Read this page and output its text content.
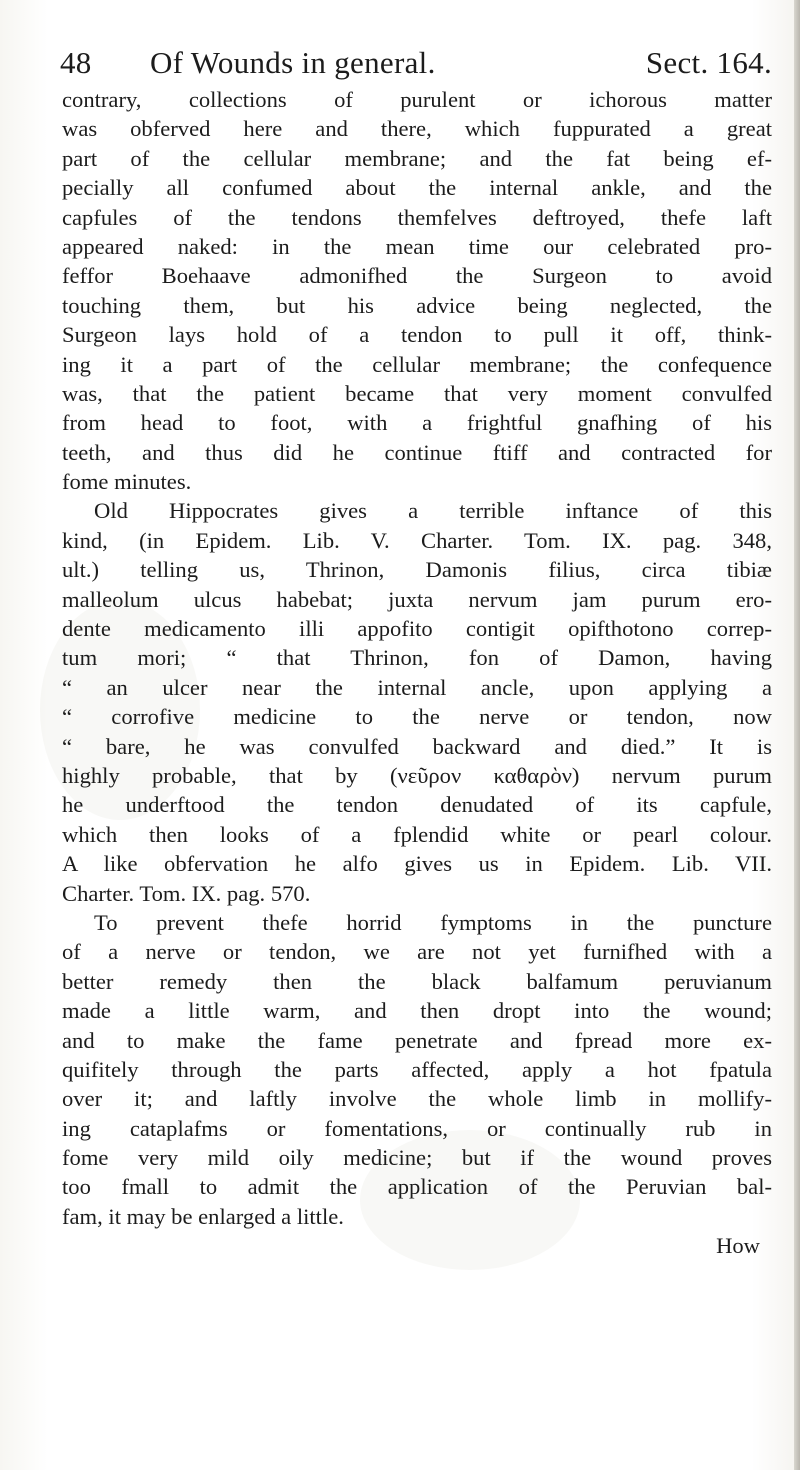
48 Of Wounds in general.	Sect. 164.
contrary, collections of purulent or ichorous matter
was obferved here and there, which fuppurated a great
part of the cellular membrane; and the fat being ef-
pecially all confumed about the internal ankle, and the
capfules of the tendons themfelves deftroyed, thefe laft
appeared naked: in the mean time our celebrated pro-
feffor Boehaave admonifhed the Surgeon to avoid
touching them, but his advice being neglected, the
Surgeon lays hold of a tendon to pull it off, think-
ing it a part of the cellular membrane; the confequence
was, that the patient became that very moment convulfed
from head to foot, with a frightful gnafhing of his
teeth, and thus did he continue ftiff and contracted for
fome minutes.
Old Hippocrates gives a terrible inftance of this
kind, (in Epidem. Lib. V. Charter. Tom. IX. pag. 348,
ult.) telling us, Thrinon, Damonis filius, circa tibiæ
malleolum ulcus habebat; juxta nervum jam purum ero-
dente medicamento illi appofito contigit opifthotono correp-
tum mori; “ that Thrinon, fon of Damon, having
“ an ulcer near the internal ancle, upon applying a
“ corrofive medicine to the nerve or tendon, now
“ bare, he was convulfed backward and died.” It is
highly probable, that by (νεῦρον καθαρὸν) nervum purum
he underftood the tendon denudated of its capfule,
which then looks of a fplendid white or pearl colour.
A like obfervation he alfo gives us in Epidem. Lib. VII.
Charter. Tom. IX. pag. 570.
To prevent thefe horrid fymptoms in the puncture
of a nerve or tendon, we are not yet furnifhed with a
better remedy then the black balfamum peruvianum
made a little warm, and then dropt into the wound;
and to make the fame penetrate and fpread more ex-
quifitely through the parts affected, apply a hot fpatula
over it; and laftly involve the whole limb in mollify-
ing cataplafms or fomentations, or continually rub in
fome very mild oily medicine; but if the wound proves
too fmall to admit the application of the Peruvian bal-
fam, it may be enlarged a little.
How
